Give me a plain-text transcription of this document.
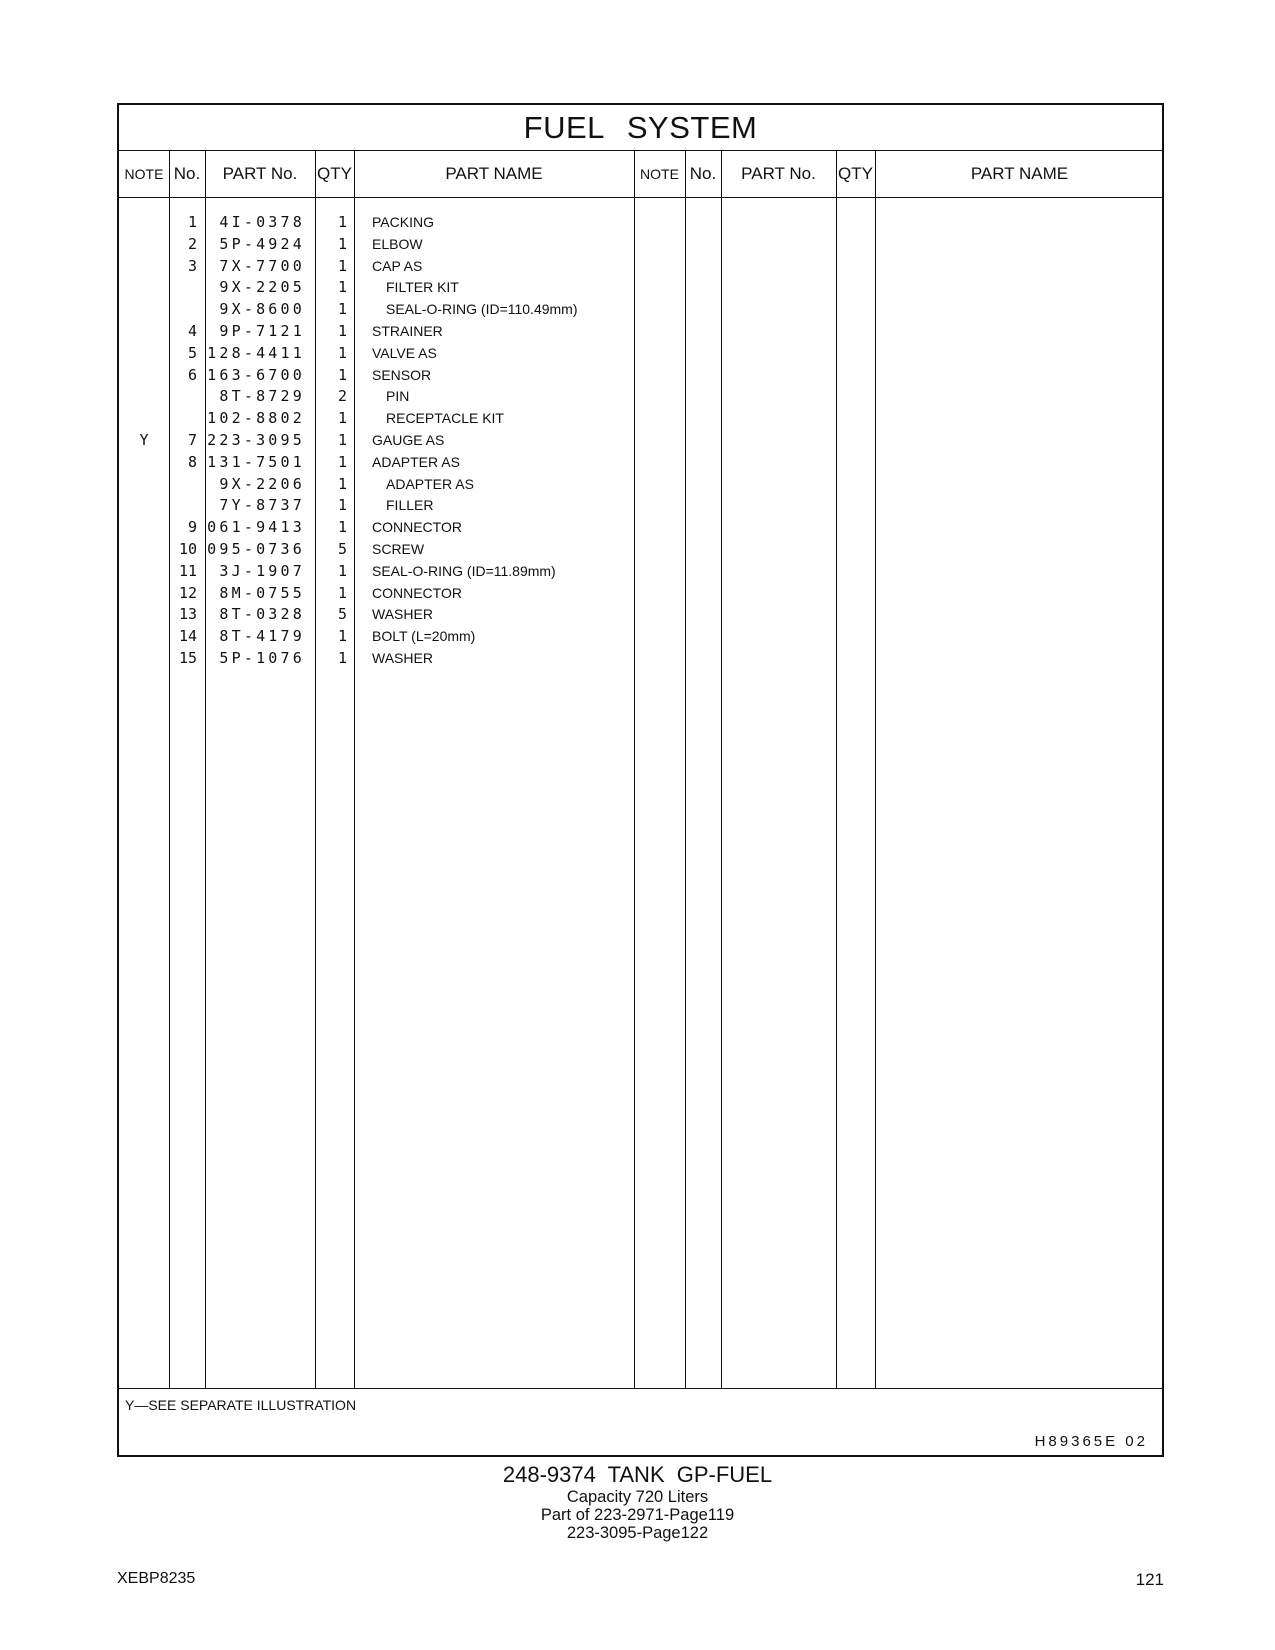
FUEL SYSTEM
NOTE No.	PART No.	QTY	PART NAME	NOTE No.	PART No.	QTY	PART NAME
1	4I-0378	1 PACKING
2	5P-4924	1 ELBOW
3	7X-7700	1 CAP AS
9X-2205	1	FILTER KIT
9X-8600	1	SEAL-O-RING (ID=110.49mm)
4	9P-7121	1 STRAINER
5 128-4411	1 VALVE AS
6 163-6700	1 SENSOR
8T-8729	2	PIN
102-8802	1	RECEPTACLE KIT
Y	7 223-3095	1 GAUGE AS
8 131-7501	1 ADAPTER AS
9X-2206	1	ADAPTER AS
7Y-8737	1	FILLER
9 061-9413	1 CONNECTOR
10 095-0736	5 SCREW
11	3J-1907	1 SEAL-O-RING (ID=11.89mm)
12	8M-0755	1 CONNECTOR
13	8T-0328	5 WASHER
14	8T-4179	1 BOLT (L=20mm)
15	5P-1076	1 WASHER
Y—SEE SEPARATE ILLUSTRATION
H89365E 02
248-9374 TANK GP-FUEL
Capacity 720 Liters
Part of 223-2971-Page119
223-3095-Page122
XEBP8235	121
